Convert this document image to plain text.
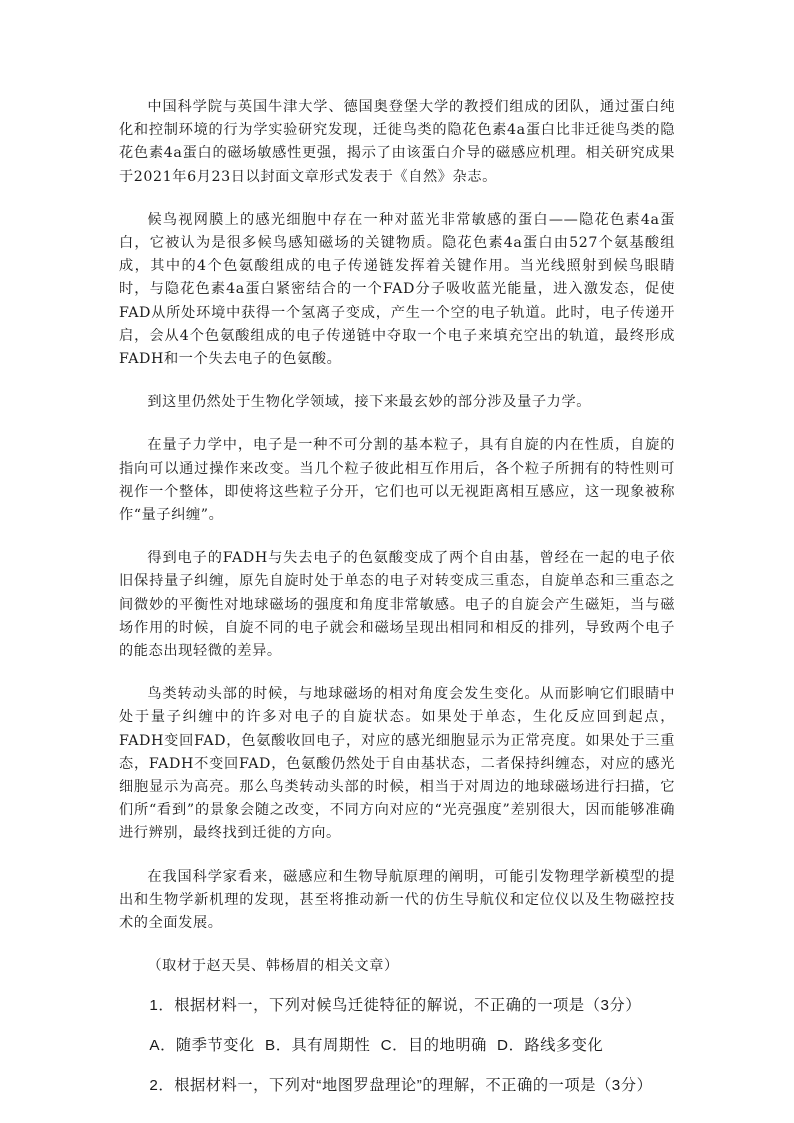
中国科学院与英国牛津大学、德国奥登堡大学的教授们组成的团队，通过蛋白纯化和控制环境的行为学实验研究发现，迁徙鸟类的隐花色素4a蛋白比非迁徙鸟类的隐花色素4a蛋白的磁场敏感性更强，揭示了由该蛋白介导的磁感应机理。相关研究成果于2021年6月23日以封面文章形式发表于《自然》杂志。

候鸟视网膜上的感光细胞中存在一种对蓝光非常敏感的蛋白——隐花色素4a蛋白，它被认为是很多候鸟感知磁场的关键物质。隐花色素4a蛋白由527个氨基酸组成，其中的4个色氨酸组成的电子传递链发挥着关键作用。当光线照射到候鸟眼睛时，与隐花色素4a蛋白紧密结合的一个FAD分子吸收蓝光能量，进入激发态，促使FAD从所处环境中获得一个氢离子变成，产生一个空的电子轨道。此时，电子传递开启，会从4个色氨酸组成的电子传递链中夺取一个电子来填充空出的轨道，最终形成FADH和一个失去电子的色氨酸。

到这里仍然处于生物化学领域，接下来最玄妙的部分涉及量子力学。

在量子力学中，电子是一种不可分割的基本粒子，具有自旋的内在性质，自旋的指向可以通过操作来改变。当几个粒子彼此相互作用后，各个粒子所拥有的特性则可视作一个整体，即使将这些粒子分开，它们也可以无视距离相互感应，这一现象被称作“量子纠缠”。

得到电子的FADH与失去电子的色氨酸变成了两个自由基，曾经在一起的电子依旧保持量子纠缠，原先自旋时处于单态的电子对转变成三重态，自旋单态和三重态之间微妙的平衡性对地球磁场的强度和角度非常敏感。电子的自旋会产生磁矩，当与磁场作用的时候，自旋不同的电子就会和磁场呈现出相同和相反的排列，导致两个电子的能态出现轻微的差异。

鸟类转动头部的时候，与地球磁场的相对角度会发生变化。从而影响它们眼睛中处于量子纠缠中的许多对电子的自旋状态。如果处于单态，生化反应回到起点，FADH变回FAD，色氨酸收回电子，对应的感光细胞显示为正常亮度。如果处于三重态，FADH不变回FAD，色氨酸仍然处于自由基状态，二者保持纠缠态，对应的感光细胞显示为高亮。那么鸟类转动头部的时候，相当于对周边的地球磁场进行扫描，它们所“看到”的景象会随之改变，不同方向对应的“光亮强度”差别很大，因而能够准确进行辨别，最终找到迁徙的方向。

在我国科学家看来，磁感应和生物导航原理的阐明，可能引发物理学新模型的提出和生物学新机理的发现，甚至将推动新一代的仿生导航仪和定位仪以及生物磁控技术的全面发展。

（取材于赵天昊、韩杨眉的相关文章）

1．根据材料一，下列对候鸟迁徙特征的解说，不正确的一项是（3分）

A．随季节变化 B．具有周期性 C．目的地明确 D．路线多变化

2．根据材料一，下列对“地图罗盘理论”的理解，不正确的一项是（3分）
